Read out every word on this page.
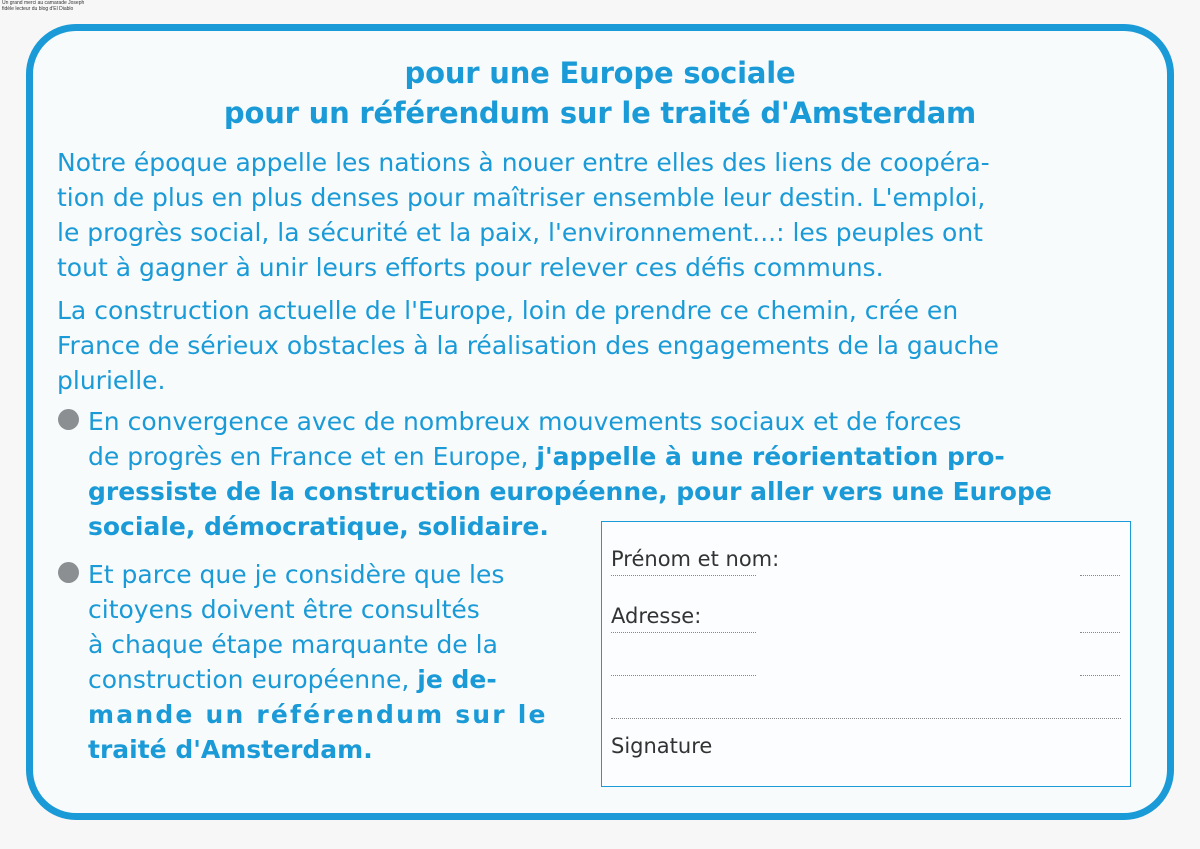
Un grand merci au camarade Joseph
fidèle lecteur du blog d'El Diablo
pour une Europe sociale
pour un référendum sur le traité d'Amsterdam
Notre époque appelle les nations à nouer entre elles des liens de coopéra-
tion de plus en plus denses pour maîtriser ensemble leur destin. L'emploi,
le progrès social, la sécurité et la paix, l'environnement...: les peuples ont
tout à gagner à unir leurs efforts pour relever ces défis communs.
La construction actuelle de l'Europe, loin de prendre ce chemin, crée en
France de sérieux obstacles à la réalisation des engagements de la gauche
plurielle.
En convergence avec de nombreux mouvements sociaux et de forces
de progrès en France et en Europe, j'appelle à une réorientation pro-
gressiste de la construction européenne, pour aller vers une Europe
sociale, démocratique, solidaire.
Et parce que je considère que les
citoyens doivent être consultés
à chaque étape marquante de la
construction européenne, je de-
mande un référendum sur le
traité d'Amsterdam.
Prénom et nom:
Adresse:
Signature
